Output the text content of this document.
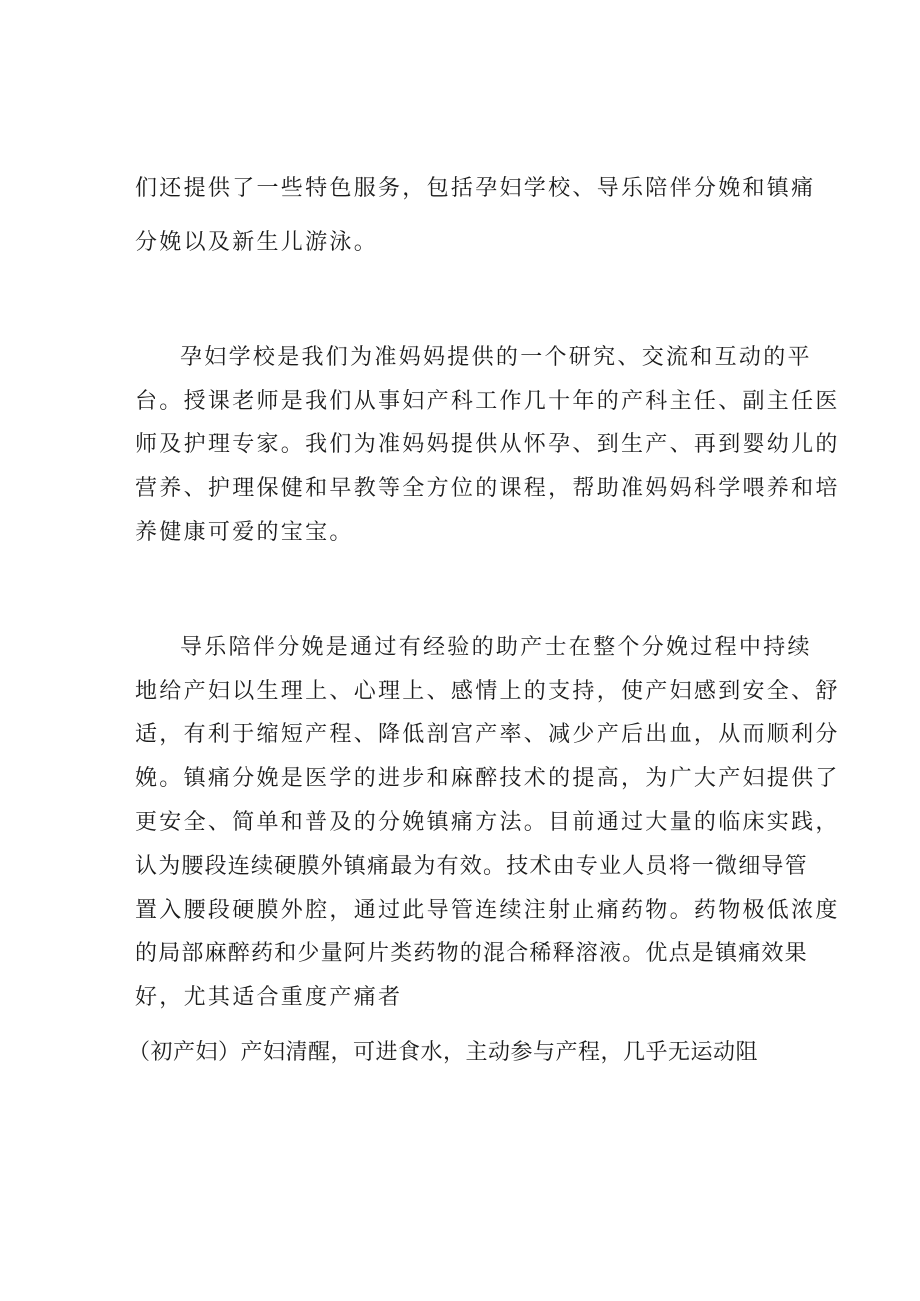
们还提供了一些特色服务，包括孕妇学校、导乐陪伴分娩和镇痛

分娩以及新生儿游泳。

孕妇学校是我们为准妈妈提供的一个研究、交流和互动的平

台。授课老师是我们从事妇产科工作几十年的产科主任、副主任医

师及护理专家。我们为准妈妈提供从怀孕、到生产、再到婴幼儿的

营养、护理保健和早教等全方位的课程，帮助准妈妈科学喂养和培

养健康可爱的宝宝。

导乐陪伴分娩是通过有经验的助产士在整个分娩过程中持续

地给产妇以生理上、心理上、感情上的支持，使产妇感到安全、舒

适，有利于缩短产程、降低剖宫产率、减少产后出血，从而顺利分

娩。镇痛分娩是医学的进步和麻醉技术的提高，为广大产妇提供了

更安全、简单和普及的分娩镇痛方法。目前通过大量的临床实践，

认为腰段连续硬膜外镇痛最为有效。技术由专业人员将一微细导管

置入腰段硬膜外腔，通过此导管连续注射止痛药物。药物极低浓度

的局部麻醉药和少量阿片类药物的混合稀释溶液。优点是镇痛效果

好，尤其适合重度产痛者

（初产妇）产妇清醒，可进食水，主动参与产程，几乎无运动阻
